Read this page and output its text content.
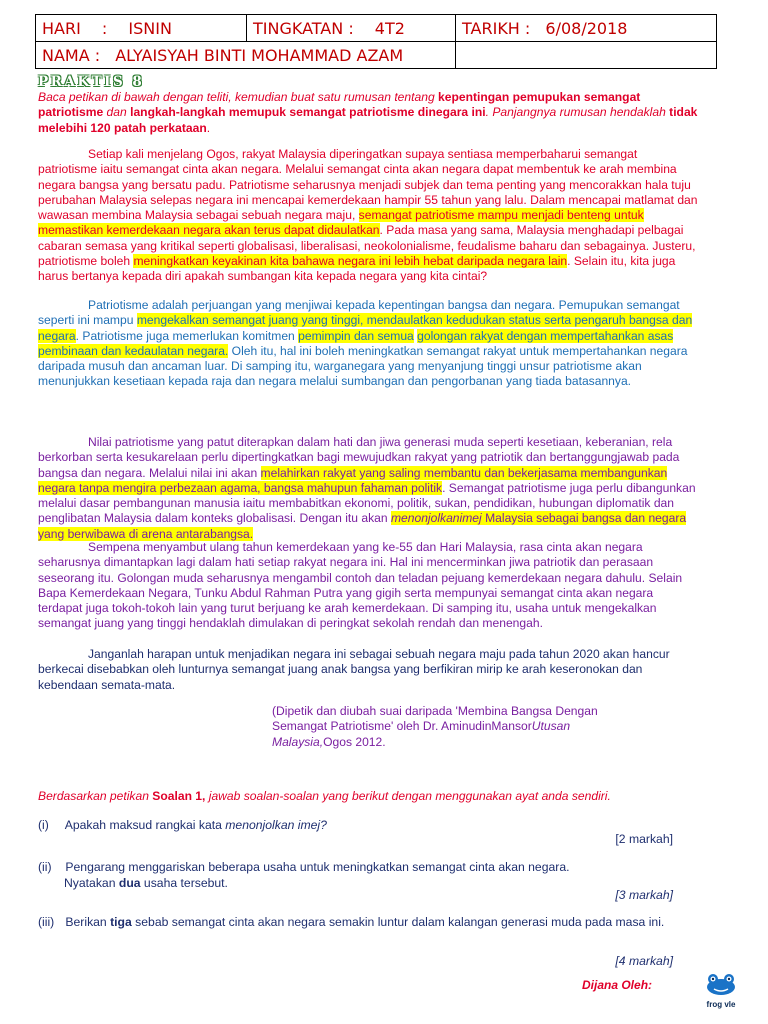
HARI : ISNIN	TINGKATAN : 4T2	TARIKH : 6/08/2018
NAMA : ALYAISYAH BINTI MOHAMMAD AZAM		
PRAKTIS 8

Baca petikan di bawah dengan teliti, kemudian buat satu rumusan tentang kepentingan pemupukan semangat patriotisme dan langkah-langkah memupuk semangat patriotisme dinegara ini. Panjangnya rumusan hendaklah tidak melebihi 120 patah perkataan.

Setiap kali menjelang Ogos, rakyat Malaysia diperingatkan supaya sentiasa memperbaharui semangat patriotisme iaitu semangat cinta akan negara. Melalui semangat cinta akan negara dapat membentuk ke arah membina negara bangsa yang bersatu padu. Patriotisme seharusnya menjadi subjek dan tema penting yang mencorakkan hala tuju perubahan Malaysia selepas negara ini mencapai kemerdekaan hampir 55 tahun yang lalu. Dalam mencapai matlamat dan wawasan membina Malaysia sebagai sebuah negara maju, semangat patriotisme mampu menjadi benteng untuk memastikan kemerdekaan negara akan terus dapat didaulatkan. Pada masa yang sama, Malaysia menghadapi pelbagai cabaran semasa yang kritikal seperti globalisasi, liberalisasi, neokolonialisme, feudalisme baharu dan sebagainya. Justeru, patriotisme boleh meningkatkan keyakinan kita bahawa negara ini lebih hebat daripada negara lain. Selain itu, kita juga harus bertanya kepada diri apakah sumbangan kita kepada negara yang kita cintai?

Patriotisme adalah perjuangan yang menjiwai kepada kepentingan bangsa dan negara. Pemupukan semangat seperti ini mampu mengekalkan semangat juang yang tinggi, mendaulatkan kedudukan status serta pengaruh bangsa dan negara. Patriotisme juga memerlukan komitmen pemimpin dan semua golongan rakyat dengan mempertahankan asas pembinaan dan kedaulatan negara. Oleh itu, hal ini boleh meningkatkan semangat rakyat untuk mempertahankan negara daripada musuh dan ancaman luar. Di samping itu, warganegara yang menyanjung tinggi unsur patriotisme akan menunjukkan kesetiaan kepada raja dan negara melalui sumbangan dan pengorbanan yang tiada batasannya.

Nilai patriotisme yang patut diterapkan dalam hati dan jiwa generasi muda seperti kesetiaan, keberanian, rela berkorban serta kesukarelaan perlu dipertingkatkan bagi mewujudkan rakyat yang patriotik dan bertanggungjawab pada bangsa dan negara. Melalui nilai ini akan melahirkan rakyat yang saling membantu dan bekerjasama membangunkan negara tanpa mengira perbezaan agama, bangsa mahupun fahaman politik. Semangat patriotisme juga perlu dibangunkan melalui dasar pembangunan manusia iaitu membabitkan ekonomi, politik, sukan, pendidikan, hubungan diplomatik dan penglibatan Malaysia dalam konteks globalisasi. Dengan itu akan menonjolkanimej Malaysia sebagai bangsa dan negara yang berwibawa di arena antarabangsa.

Sempena menyambut ulang tahun kemerdekaan yang ke-55 dan Hari Malaysia, rasa cinta akan negara seharusnya dimantapkan lagi dalam hati setiap rakyat negara ini. Hal ini mencerminkan jiwa patriotik dan perasaan seseorang itu. Golongan muda seharusnya mengambil contoh dan teladan pejuang kemerdekaan negara dahulu. Selain Bapa Kemerdekaan Negara, Tunku Abdul Rahman Putra yang gigih serta mempunyai semangat cinta akan negara terdapat juga tokoh-tokoh lain yang turut berjuang ke arah kemerdekaan. Di samping itu, usaha untuk mengekalkan semangat juang yang tinggi hendaklah dimulakan di peringkat sekolah rendah dan menengah.

Janganlah harapan untuk menjadikan negara ini sebagai sebuah negara maju pada tahun 2020 akan hancur berkecai disebabkan oleh lunturnya semangat juang anak bangsa yang berfikiran mirip ke arah keseronokan dan kebendaan semata-mata.

(Dipetik dan diubah suai daripada 'Membina Bangsa Dengan Semangat Patriotisme' oleh Dr. AminudinMansorUtusan Malaysia,Ogos 2012.

Berdasarkan petikan Soalan 1, jawab soalan-soalan yang berikut dengan menggunakan ayat anda sendiri.

(i) Apakah maksud rangkai kata menonjolkan imej?
[2 markah]
(ii) Pengarang menggariskan beberapa usaha untuk meningkatkan semangat cinta akan negara.
Nyatakan dua usaha tersebut.
[3 markah]
(iii) Berikan tiga sebab semangat cinta akan negara semakin luntur dalam kalangan generasi muda pada masa ini.
[4 markah]
Dijana Oleh:
frog vle
